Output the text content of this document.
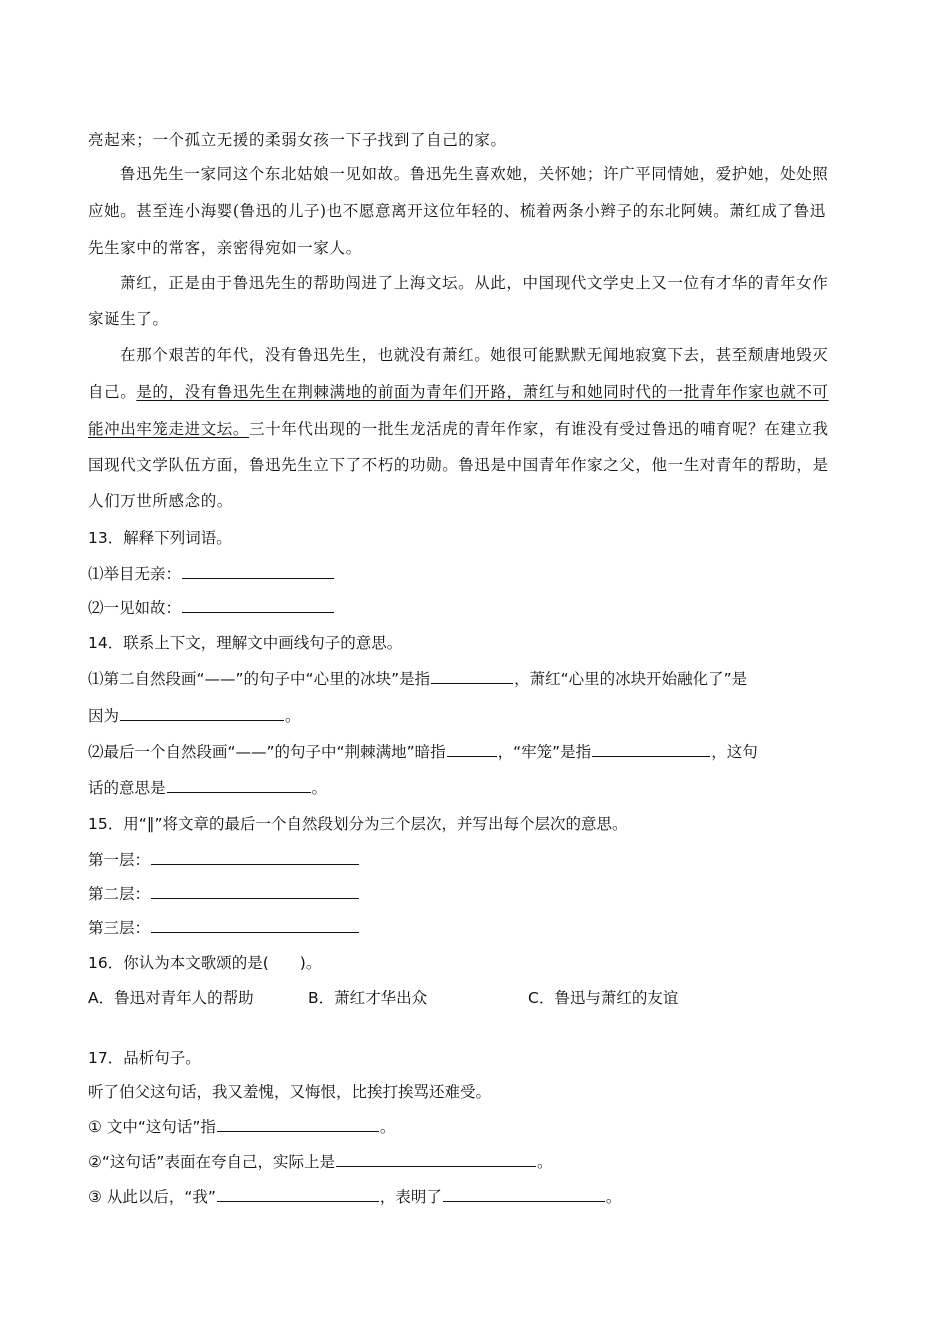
亮起来；一个孤立无援的柔弱女孩一下子找到了自己的家。
鲁迅先生一家同这个东北姑娘一见如故。鲁迅先生喜欢她，关怀她；许广平同情她，爱护她，处处照
应她。甚至连小海婴(鲁迅的儿子)也不愿意离开这位年轻的、梳着两条小辫子的东北阿姨。萧红成了鲁迅
先生家中的常客，亲密得宛如一家人。
萧红，正是由于鲁迅先生的帮助闯进了上海文坛。从此，中国现代文学史上又一位有才华的青年女作
家诞生了。
在那个艰苦的年代，没有鲁迅先生，也就没有萧红。她很可能默默无闻地寂寞下去，甚至颓唐地毁灭
自己。是的，没有鲁迅先生在荆棘满地的前面为青年们开路，萧红与和她同时代的一批青年作家也就不可
能冲出牢笼走进文坛。三十年代出现的一批生龙活虎的青年作家，有谁没有受过鲁迅的哺育呢？在建立我
国现代文学队伍方面，鲁迅先生立下了不朽的功勋。鲁迅是中国青年作家之父，他一生对青年的帮助，是
人们万世所感念的。
13．解释下列词语。
⑴举目无亲：
⑵一见如故：
14．联系上下文，理解文中画线句子的意思。
⑴第二自然段画“——”的句子中“心里的冰块”是指	，萧红“心里的冰块开始融化了”是
因为	。
⑵最后一个自然段画“——”的句子中“荆棘满地”暗指	，“牢笼”是指	，这句
话的意思是	。
15．用“∥”将文章的最后一个自然段划分为三个层次，并写出每个层次的意思。
第一层：
第二层：
第三层：
16．你认为本文歌颂的是(　　)。
A．鲁迅对青年人的帮助	B．萧红才华出众	C．鲁迅与萧红的友谊
17．品析句子。
听了伯父这句话，我又羞愧，又悔恨，比挨打挨骂还难受。
① 文中“这句话”指	。
②“这句话”表面在夸自己，实际上是	。
③ 从此以后，“我”	，表明了	。
